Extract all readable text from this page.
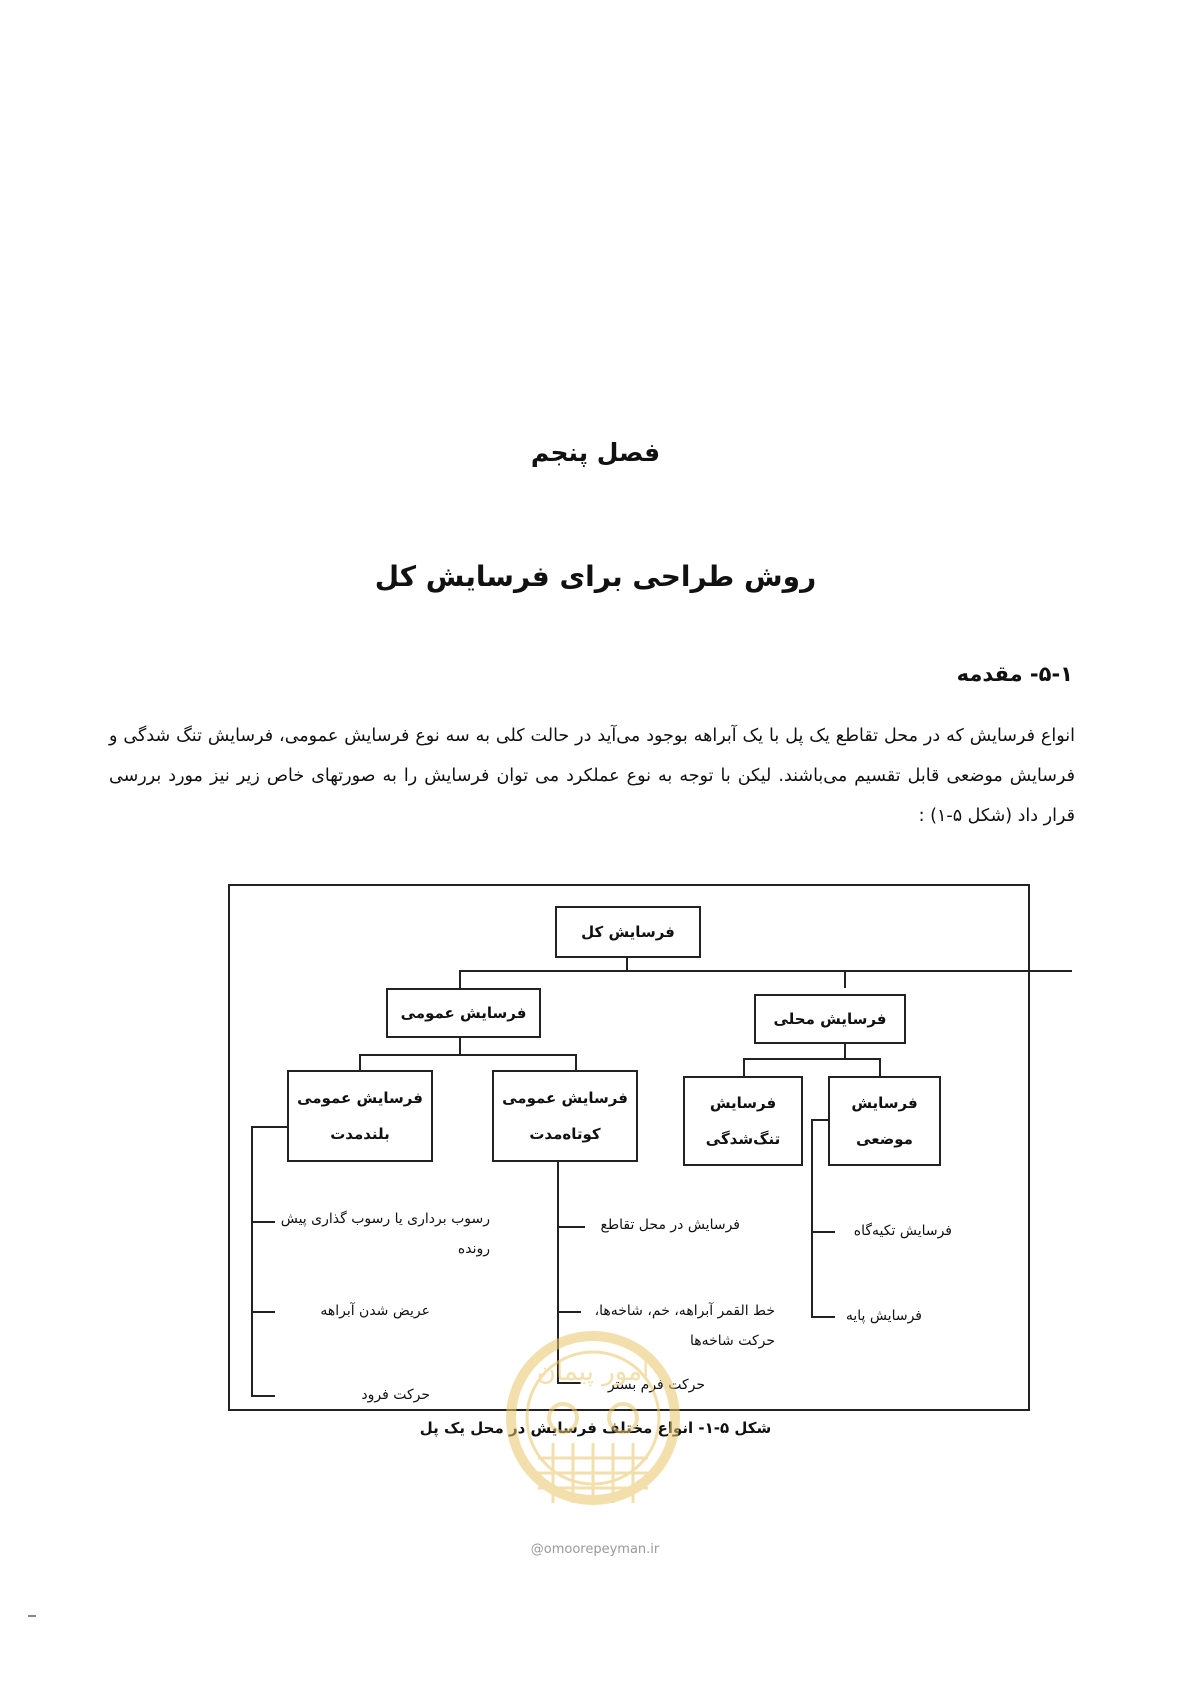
فصل پنجم
روش طراحی برای فرسایش کل
۵-۱- مقدمه
انواع فرسایش که در محل تقاطع یک پل با یک آبراهه بوجود می‌آید در حالت کلی به سه نوع فرسایش عمومی، فرسایش تنگ شدگی و فرسایش موضعی قابل تقسیم می‌باشند. لیکن با توجه به نوع عملکرد می توان فرسایش را به صورتهای خاص زیر نیز مورد بررسی قرار داد (شکل ۵-۱) :
فرسایش کل
فرسایش عمومی	فرسایش محلی
فرسایش عمومی
بلندمدت
فرسایش عمومی
کوتاه‌مدت
فرسایش
تنگ‌شدگی
فرسایش
موضعی
رسوب برداری یا رسوب گذاری پیش رونده
عریض شدن آبراهه
حرکت فرود
فرسایش در محل تقاطع
خط القمر آبراهه، خم، شاخه‌ها، حرکت شاخه‌ها
حرکت فرم بستر
فرسایش تکیه‌گاه
فرسایش پایه
شکل ۵-۱- انواع مختلف فرسایش در محل یک پل
امور پیمان
@omoorepeyman.ir
